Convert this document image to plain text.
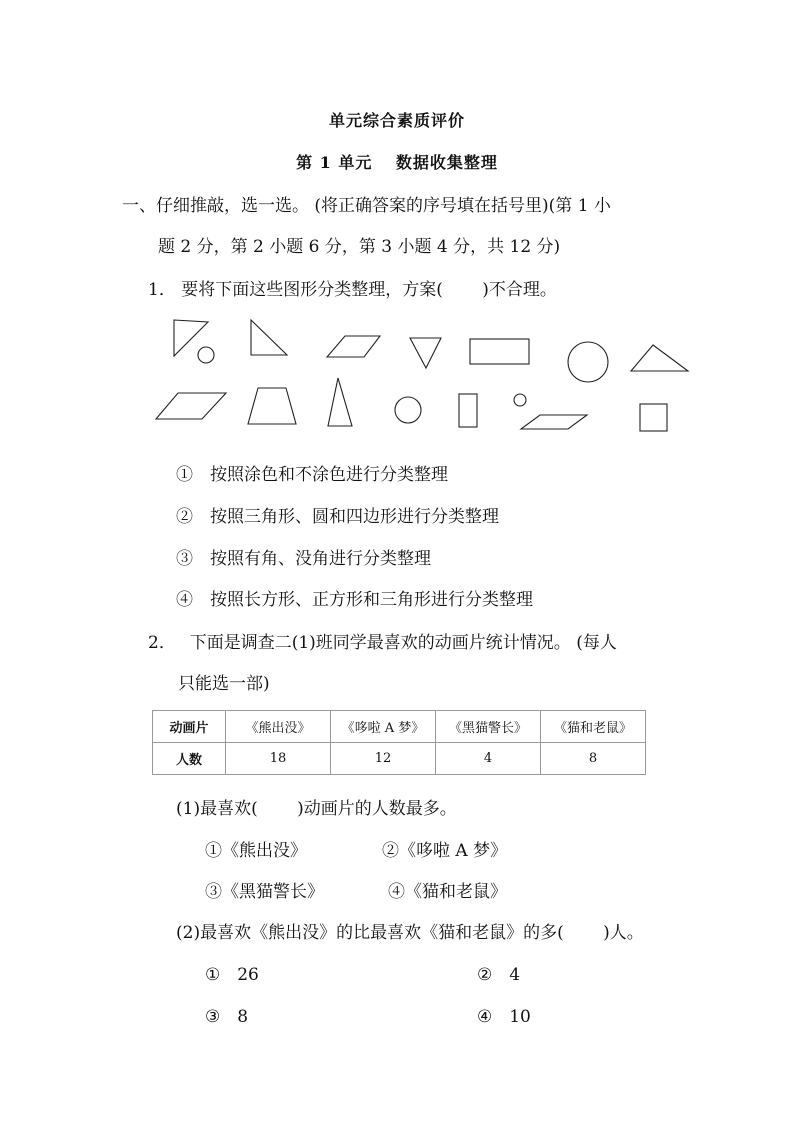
单元综合素质评价
第 1 单元　 数据收集整理
一、仔细推敲，选一选。 (将正确答案的序号填在括号里)(第 1 小
题 2 分，第 2 小题 6 分，第 3 小题 4 分，共 12 分)
1． 要将下面这些图形分类整理，方案(　　 )不合理。
①　按照涂色和不涂色进行分类整理
②　按照三角形、圆和四边形进行分类整理
③　按照有角、没角进行分类整理
④　按照长方形、正方形和三角形进行分类整理
2．　 下面是调查二(1)班同学最喜欢的动画片统计情况。 (每人
只能选一部)
动画片	《熊出没》	《哆啦 A 梦》	《黑猫警长》	《猫和老鼠》
人数	18	12	4	8
(1)最喜欢(　　 )动画片的人数最多。
①《熊出没》	②《哆啦 A 梦》
③《黑猫警长》	④《猫和老鼠》
(2)最喜欢《熊出没》的比最喜欢《猫和老鼠》的多(　　 )人。
①　26	②　4
③　8	④　10
